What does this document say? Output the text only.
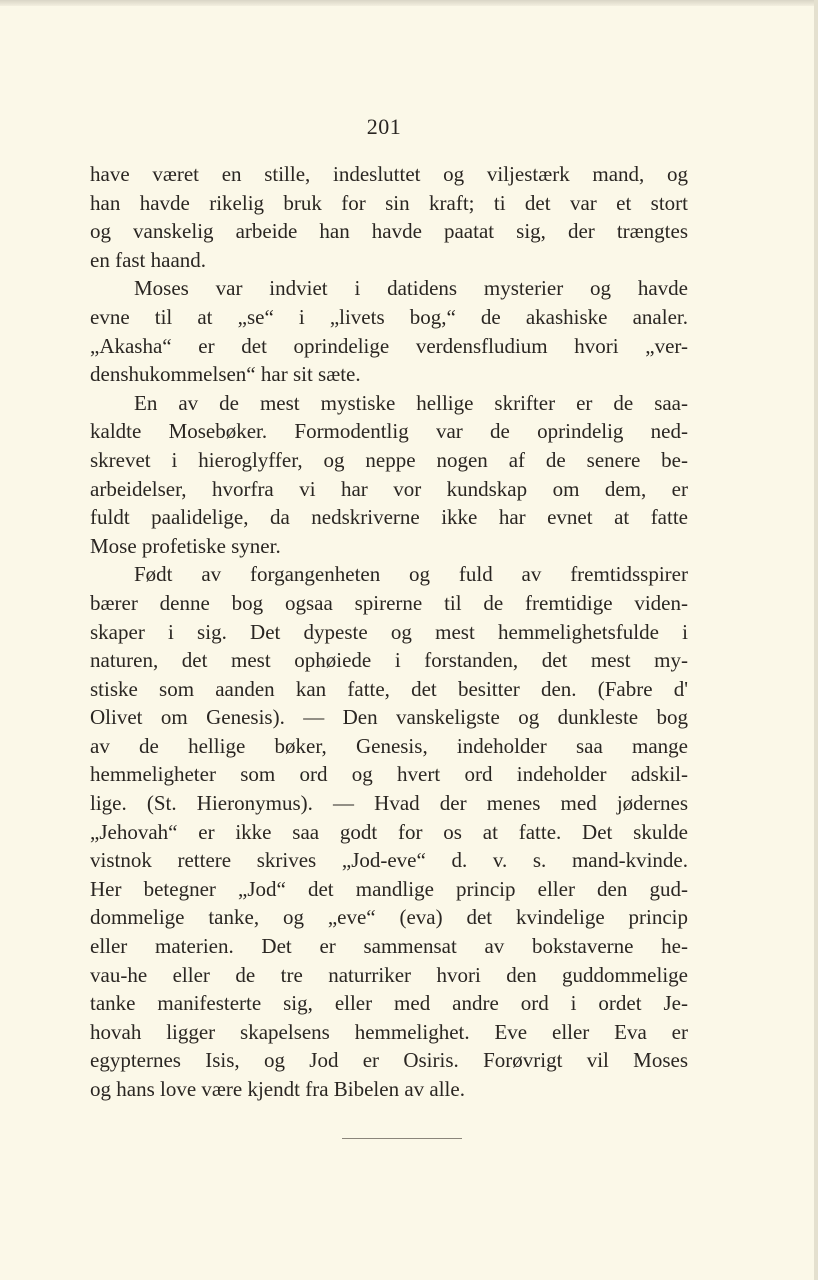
201
have været en stille, indesluttet og viljestærk mand, og
han havde rikelig bruk for sin kraft; ti det var et stort
og vanskelig arbeide han havde paatat sig, der trængtes
en fast haand.
Moses var indviet i datidens mysterier og havde
evne til at „se“ i „livets bog,“ de akashiske analer.
„Akasha“ er det oprindelige verdensfludium hvori „ver-
denshukommelsen“ har sit sæte.
En av de mest mystiske hellige skrifter er de saa-
kaldte Mosebøker. Formodentlig var de oprindelig ned-
skrevet i hieroglyffer, og neppe nogen af de senere be-
arbeidelser, hvorfra vi har vor kundskap om dem, er
fuldt paalidelige, da nedskriverne ikke har evnet at fatte
Mose profetiske syner.
Født av forgangenheten og fuld av fremtidsspirer
bærer denne bog ogsaa spirerne til de fremtidige viden-
skaper i sig. Det dypeste og mest hemmelighetsfulde i
naturen, det mest ophøiede i forstanden, det mest my-
stiske som aanden kan fatte, det besitter den. (Fabre d'
Olivet om Genesis). — Den vanskeligste og dunkleste bog
av de hellige bøker, Genesis, indeholder saa mange
hemmeligheter som ord og hvert ord indeholder adskil-
lige. (St. Hieronymus). — Hvad der menes med jødernes
„Jehovah“ er ikke saa godt for os at fatte. Det skulde
vistnok rettere skrives „Jod-eve“ d. v. s. mand-kvinde.
Her betegner „Jod“ det mandlige princip eller den gud-
dommelige tanke, og „eve“ (eva) det kvindelige princip
eller materien. Det er sammensat av bokstaverne he-
vau-he eller de tre naturriker hvori den guddommelige
tanke manifesterte sig, eller med andre ord i ordet Je-
hovah ligger skapelsens hemmelighet. Eve eller Eva er
egypternes Isis, og Jod er Osiris. Forøvrigt vil Moses
og hans love være kjendt fra Bibelen av alle.
